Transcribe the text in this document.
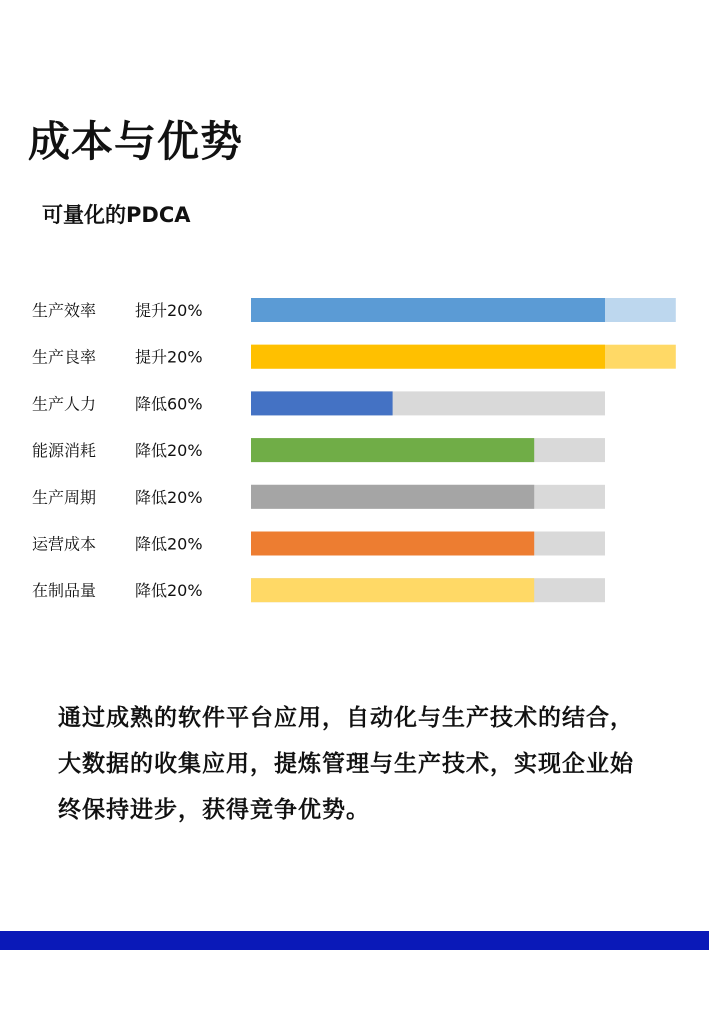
成本与优势
可量化的PDCA
生产效率 提升20%
生产良率 提升20%
生产人力 降低60%
能源消耗 降低20%
生产周期 降低20%
运营成本 降低20%
在制品量 降低20%
通过成熟的软件平台应用，自动化与生产技术的结合，大数据的收集应用，提炼管理与生产技术，实现企业始终保持进步，获得竞争优势。
